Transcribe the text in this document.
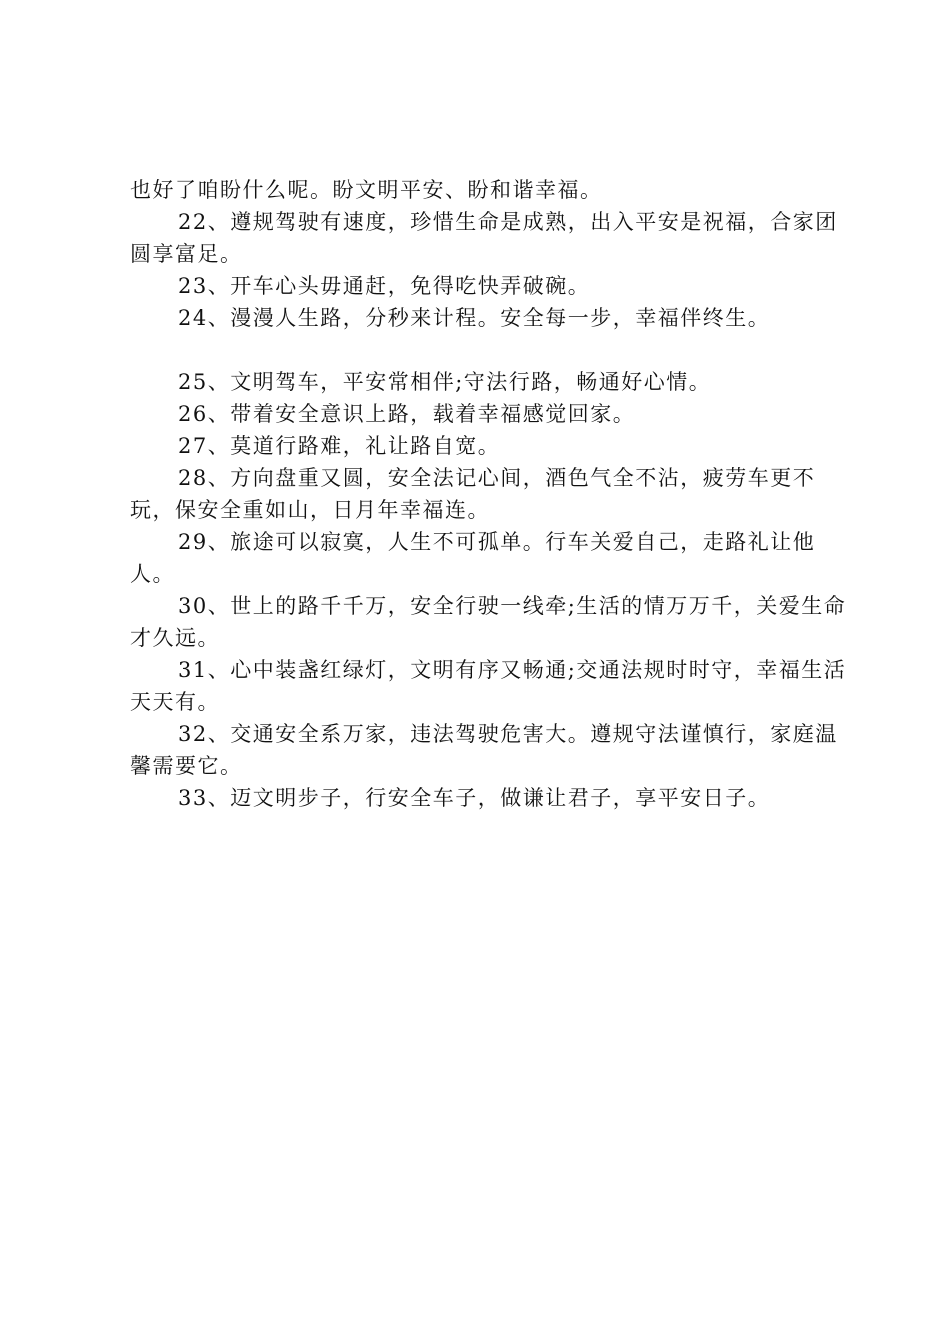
也好了咱盼什么呢。盼文明平安、盼和谐幸福。

22、遵规驾驶有速度，珍惜生命是成熟，出入平安是祝福，合家团圆享富足。

23、开车心头毋通赶，免得吃快弄破碗。

24、漫漫人生路，分秒来计程。安全每一步，幸福伴终生。

25、文明驾车，平安常相伴;守法行路，畅通好心情。

26、带着安全意识上路，载着幸福感觉回家。

27、莫道行路难，礼让路自宽。

28、方向盘重又圆，安全法记心间，酒色气全不沾，疲劳车更不玩，保安全重如山，日月年幸福连。

29、旅途可以寂寞，人生不可孤单。行车关爱自己，走路礼让他人。

30、世上的路千千万，安全行驶一线牵;生活的情万万千，关爱生命才久远。

31、心中装盏红绿灯，文明有序又畅通;交通法规时时守，幸福生活天天有。

32、交通安全系万家，违法驾驶危害大。遵规守法谨慎行，家庭温馨需要它。

33、迈文明步子，行安全车子，做谦让君子，享平安日子。
